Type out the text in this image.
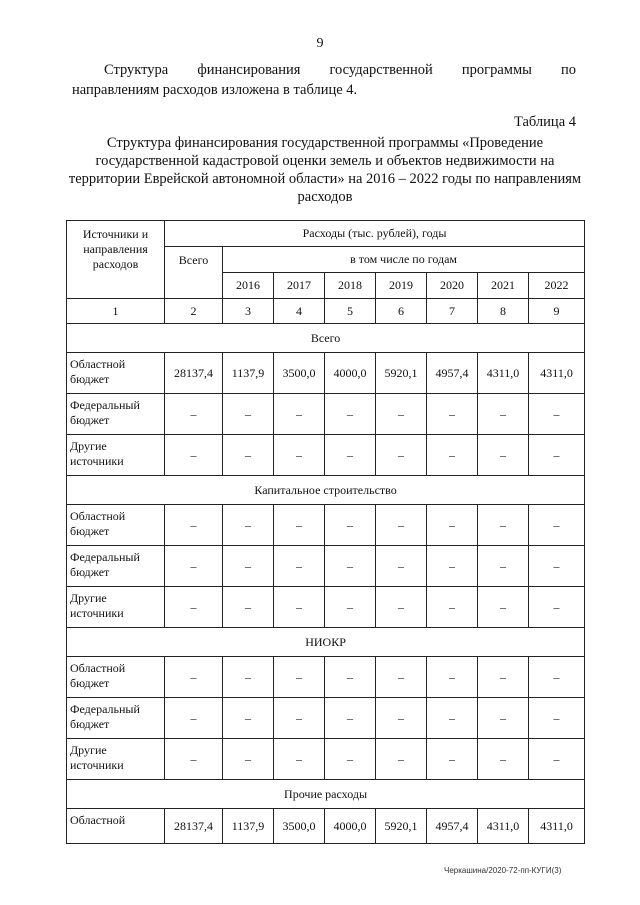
9
Структура финансирования государственной программы по
направлениям расходов изложена в таблице 4.
Таблица 4
Структура финансирования государственной программы «Проведение государственной кадастровой оценки земель и объектов недвижимости на территории Еврейской автономной области» на 2016 – 2022 годы по направлениям расходов
Источники и направления расходов	Расходы (тыс. рублей), годы							
	Всего	в том числе по годам						
		2016	2017	2018	2019	2020	2021	2022
1	2	3	4	5	6	7	8	9
Всего								
Областной бюджет	28137,4	1137,9	3500,0	4000,0	5920,1	4957,4	4311,0	4311,0
Федеральный бюджет	–	–	–	–	–	–	–	–
Другие источники	–	–	–	–	–	–	–	–
Капитальное строительство								
Областной бюджет	–	–	–	–	–	–	–	–
Федеральный бюджет	–	–	–	–	–	–	–	–
Другие источники	–	–	–	–	–	–	–	–
НИОКР								
Областной бюджет	–	–	–	–	–	–	–	–
Федеральный бюджет	–	–	–	–	–	–	–	–
Другие источники	–	–	–	–	–	–	–	–
Прочие расходы								
Областной	28137,4	1137,9	3500,0	4000,0	5920,1	4957,4	4311,0	4311,0
Черкашина/2020-72-пп-КУГИ(3)
